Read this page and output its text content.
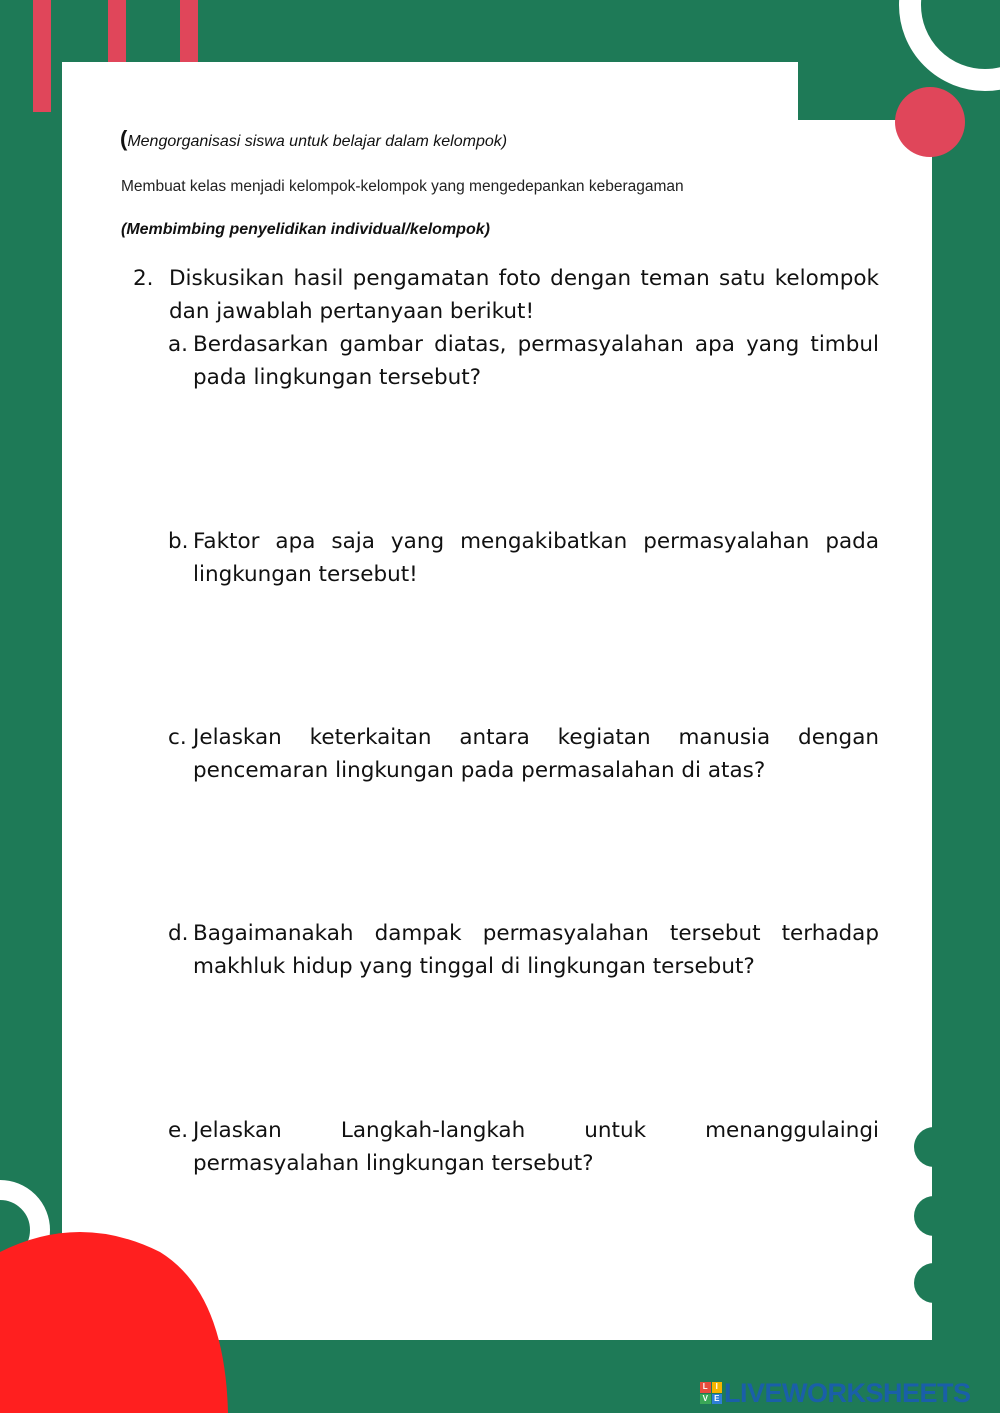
(Mengorganisasi siswa untuk belajar dalam kelompok)
Membuat kelas menjadi kelompok-kelompok yang mengedepankan keberagaman
(Membimbing penyelidikan individual/kelompok)
2. Diskusikan hasil pengamatan foto dengan teman satu kelompok dan jawablah pertanyaan berikut!
a. Berdasarkan gambar diatas, permasyalahan apa yang timbul pada lingkungan tersebut?
b. Faktor apa saja yang mengakibatkan permasyalahan pada lingkungan tersebut!
c. Jelaskan keterkaitan antara kegiatan manusia dengan pencemaran lingkungan pada permasalahan di atas?
d. Bagaimanakah dampak permasyalahan tersebut terhadap makhluk hidup yang tinggal di lingkungan tersebut?
e. Jelaskan Langkah-langkah untuk menanggulaingi permasyalahan lingkungan tersebut?
L I
V E LIVEWORKSHEETS
